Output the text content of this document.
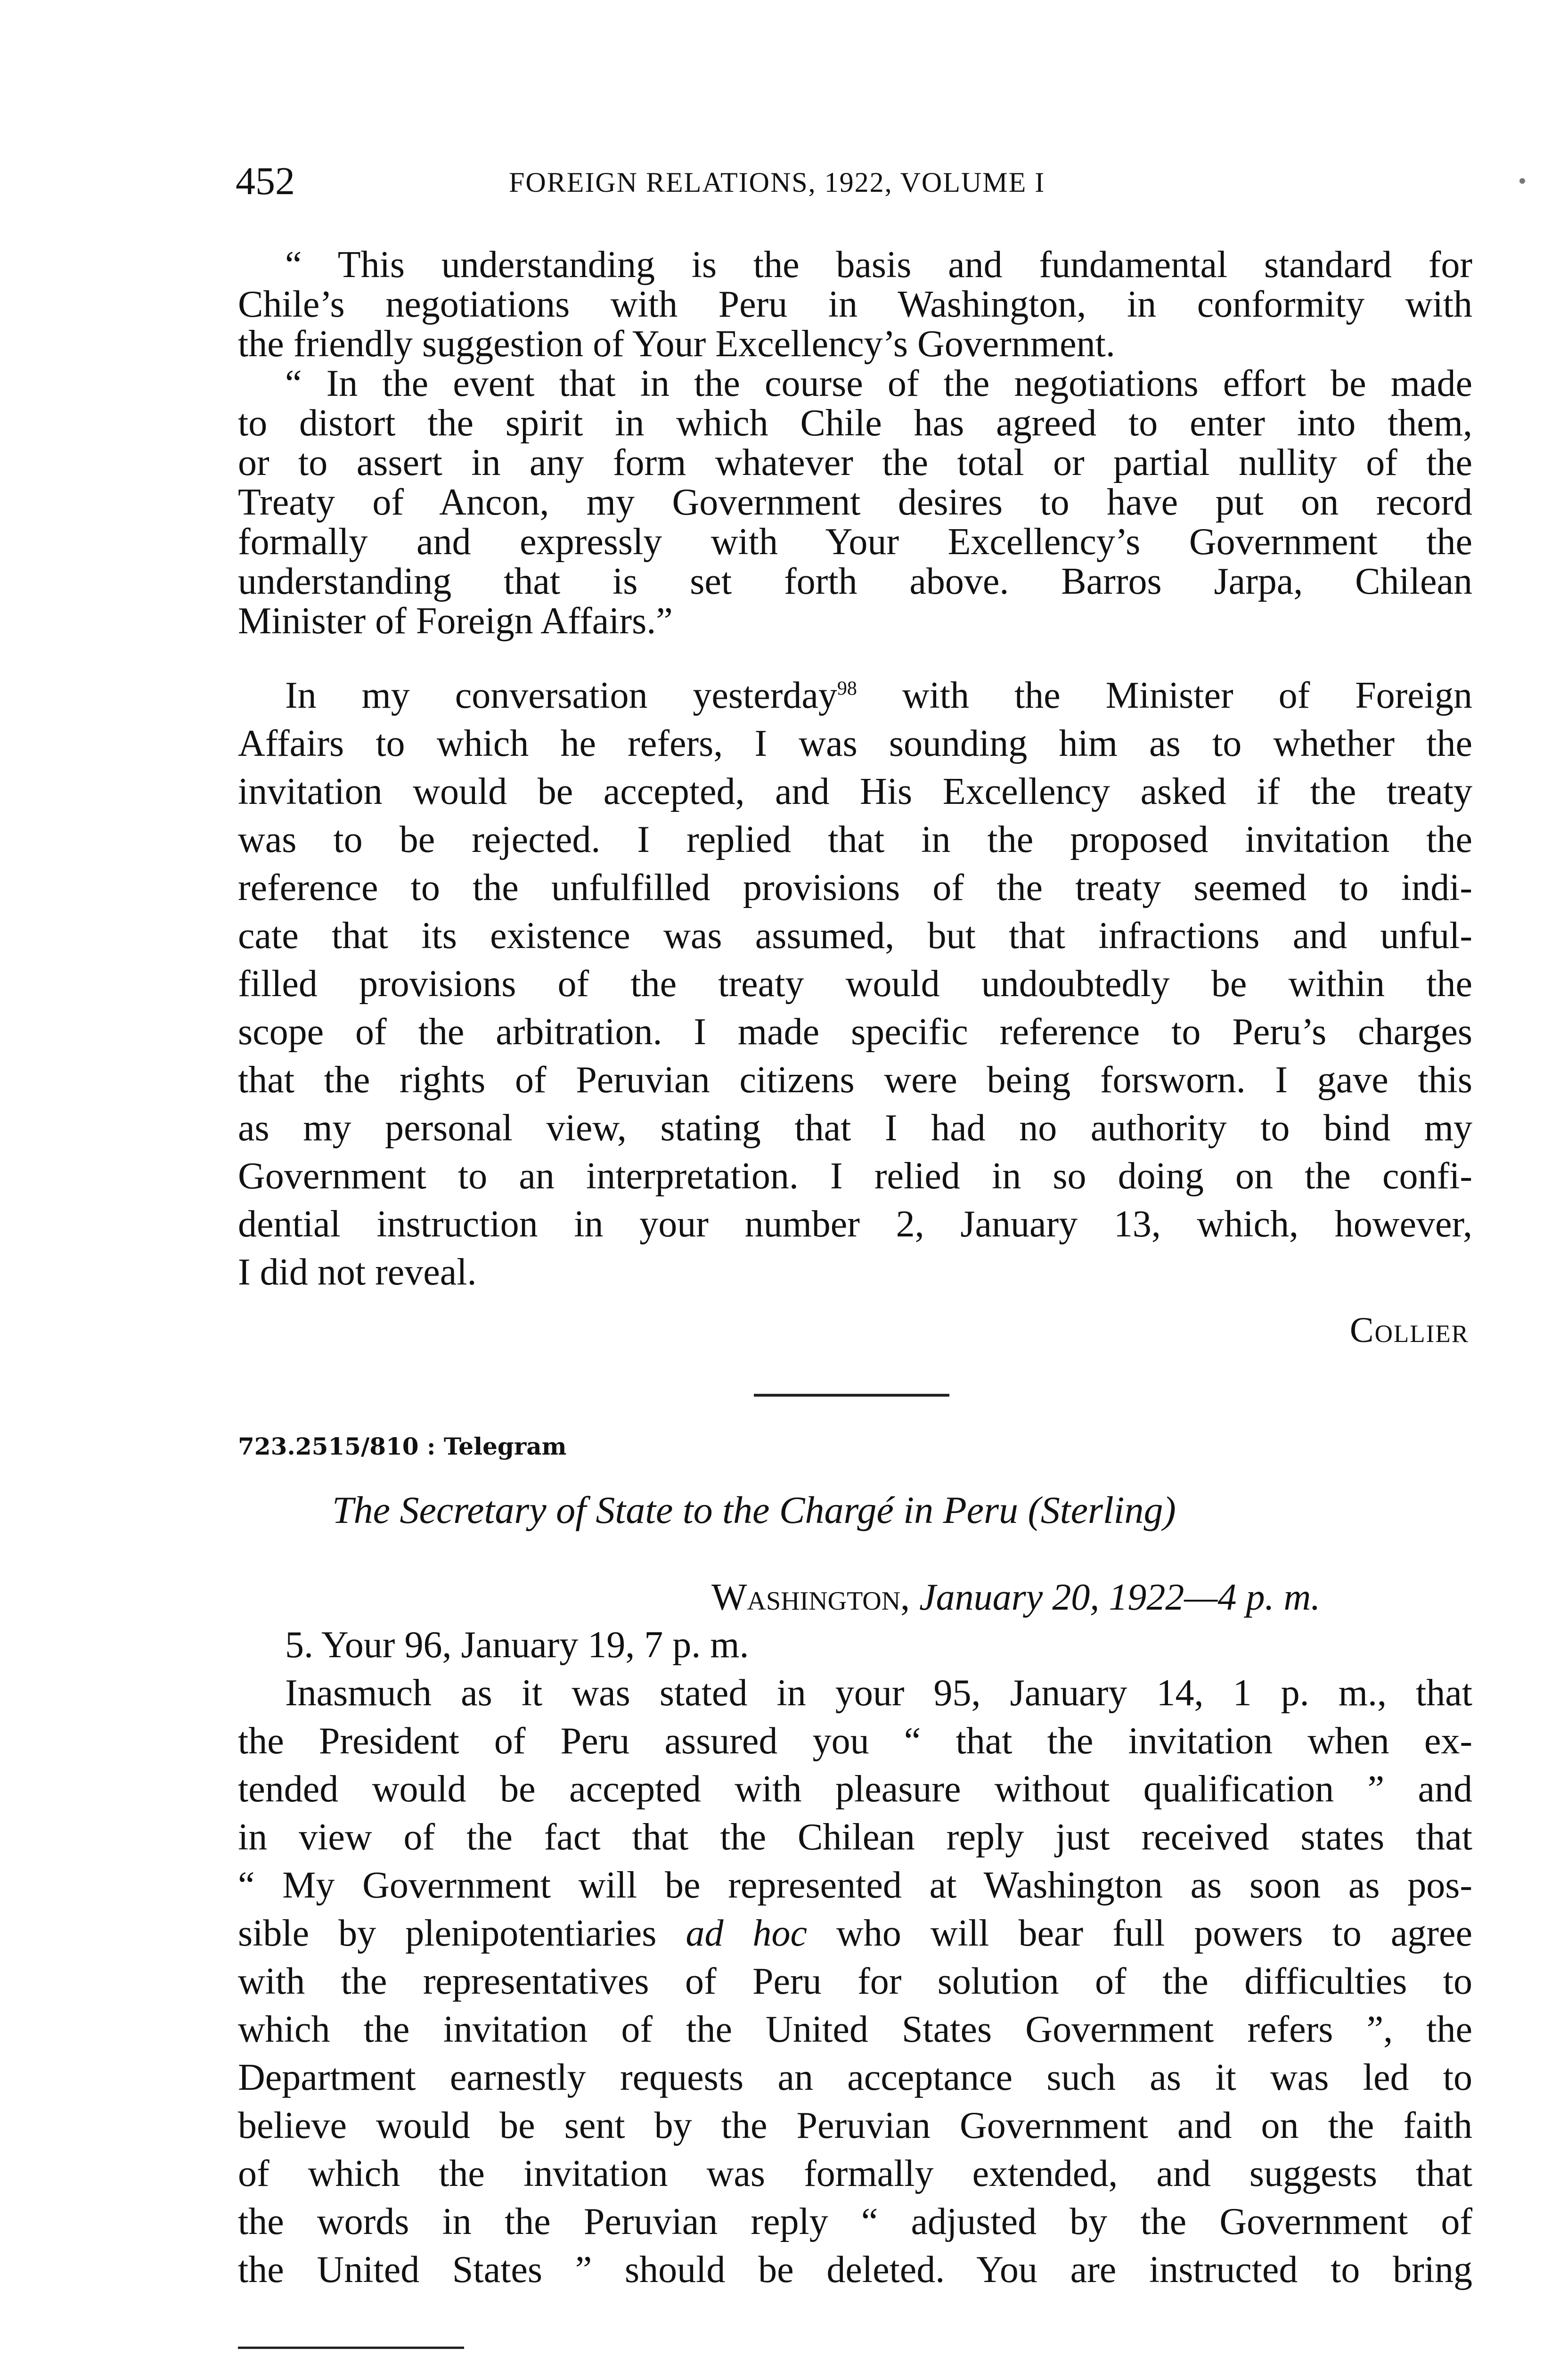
452	FOREIGN RELATIONS, 1922, VOLUME I
“ This understanding is the basis and fundamental standard for
Chile’s negotiations with Peru in Washington, in conformity with
the friendly suggestion of Your Excellency’s Government.
“ In the event that in the course of the negotiations effort be made
to distort the spirit in which Chile has agreed to enter into them,
or to assert in any form whatever the total or partial nullity of the
Treaty of Ancon, my Government desires to have put on record
formally and expressly with Your Excellency’s Government the
understanding that is set forth above. Barros Jarpa, Chilean
Minister of Foreign Affairs.”
In my conversation yesterday$^{98}$ with the Minister of Foreign
Affairs to which he refers, I was sounding him as to whether the
invitation would be accepted, and His Excellency asked if the treaty
was to be rejected. I replied that in the proposed invitation the
reference to the unfulfilled provisions of the treaty seemed to indi-
cate that its existence was assumed, but that infractions and unful-
filled provisions of the treaty would undoubtedly be within the
scope of the arbitration. I made specific reference to Peru’s charges
that the rights of Peruvian citizens were being forsworn. I gave this
as my personal view, stating that I had no authority to bind my
Government to an interpretation. I relied in so doing on the confi-
dential instruction in your number 2, January 13, which, however,
I did not reveal.
Collier
723.2515/810 : Telegram
The Secretary of State to the Chargé in Peru (Sterling)
Washington, January 20, 1922—4 p. m.
5. Your 96, January 19, 7 p. m.
Inasmuch as it was stated in your 95, January 14, 1 p. m., that
the President of Peru assured you “ that the invitation when ex-
tended would be accepted with pleasure without qualification ” and
in view of the fact that the Chilean reply just received states that
“ My Government will be represented at Washington as soon as pos-
sible by plenipotentiaries ad hoc who will bear full powers to agree
with the representatives of Peru for solution of the difficulties to
which the invitation of the United States Government refers ”, the
Department earnestly requests an acceptance such as it was led to
believe would be sent by the Peruvian Government and on the faith
of which the invitation was formally extended, and suggests that
the words in the Peruvian reply “ adjusted by the Government of
the United States ” should be deleted. You are instructed to bring
